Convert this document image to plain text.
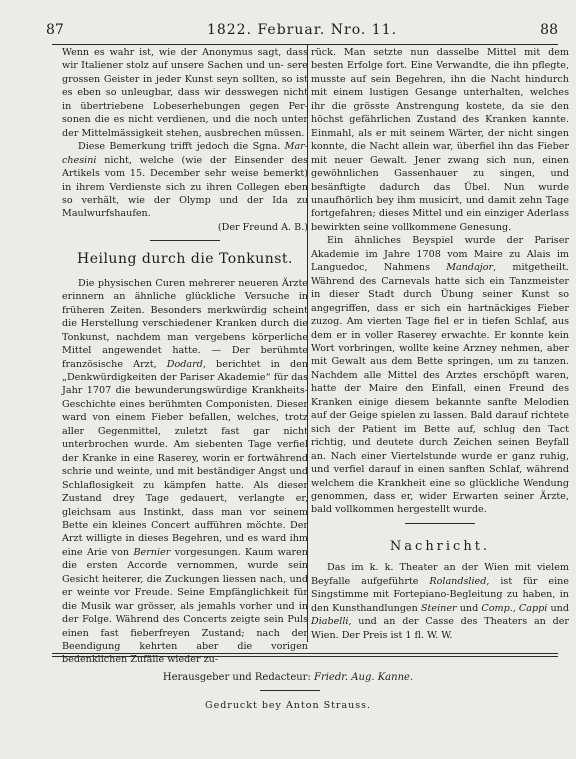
87	1822. Februar. Nro. 11.	88

Wenn es wahr ist, wie der Anonymus sagt, dass wir Italiener stolz auf unsere Sachen und un- sere grossen Geister in jeder Kunst seyn sollten, so ist es eben so unleugbar, dass wir desswegen nicht in übertriebene Lobeserhebungen gegen Per- sonen die es nicht verdienen, und die noch unter der Mittelmässigkeit stehen, ausbrechen müssen.

Diese Bemerkung trifft jedoch die Sgna. Mar-chesini nicht, welche (wie der Einsender des Artikels vom 15. December sehr weise bemerkt) in ihrem Verdienste sich zu ihren Collegen eben so verhält, wie der Olymp und der Ida zu Maulwurfshaufen.

(Der Freund A. B.)

Heilung durch die Tonkunst.

Die physischen Curen mehrerer neueren Ärzte erinnern an ähnliche glückliche Versuche in früheren Zeiten. Besonders merkwürdig scheint die Herstellung verschiedener Kranken durch die Tonkunst, nachdem man vergebens körperliche Mittel angewendet hatte. — Der berühmte französische Arzt, Dodard, berichtet in den „Denkwürdigkeiten der Pariser Akademie“ für das Jahr 1707 die bewunderungswürdige Krankheits-Geschichte eines berühmten Componisten. Dieser ward von einem Fieber befallen, welches, trotz aller Gegenmittel, zuletzt fast gar nicht unterbrochen wurde. Am siebenten Tage verfiel der Kranke in eine Raserey, worin er fortwährend schrie und weinte, und mit beständiger Angst und Schlaflosigkeit zu kämpfen hatte. Als dieser Zustand drey Tage gedauert, verlangte er, gleichsam aus Instinkt, dass man vor seinem Bette ein kleines Concert aufführen möchte. Der Arzt willigte in dieses Begehren, und es ward ihm eine Arie von Bernier vorgesungen. Kaum waren die ersten Accorde vernommen, wurde sein Gesicht heiterer, die Zuckungen liessen nach, und er weinte vor Freude. Seine Empfänglichkeit für die Musik war grösser, als jemahls vorher und in der Folge. Während des Concerts zeigte sein Puls einen fast fieberfreyen Zustand; nach der Beendigung kehrten aber die vorigen bedenklichen Zufälle wieder zu-

rück. Man setzte nun dasselbe Mittel mit dem besten Erfolge fort. Eine Verwandte, die ihn pflegte, musste auf sein Begehren, ihn die Nacht hindurch mit einem lustigen Gesange unterhalten, welches ihr die grösste Anstrengung kostete, da sie den höchst gefährlichen Zustand des Kranken kannte. Einmahl, als er mit seinem Wärter, der nicht singen konnte, die Nacht allein war, überfiel ihn das Fieber mit neuer Gewalt. Jener zwang sich nun, einen gewöhnlichen Gassenhauer zu singen, und besänftigte dadurch das Übel. Nun wurde unaufhörlich bey ihm musicirt, und damit zehn Tage fortgefahren; dieses Mittel und ein einziger Aderlass bewirkten seine vollkommene Genesung.

Ein ähnliches Beyspiel wurde der Pariser Akademie im Jahre 1708 vom Maire zu Alais im Languedoc, Nahmens Mandajor, mitgetheilt. Während des Carnevals hatte sich ein Tanzmeister in dieser Stadt durch Übung seiner Kunst so angegriffen, dass er sich ein hartnäckiges Fieber zuzog. Am vierten Tage fiel er in tiefen Schlaf, aus dem er in voller Raserey erwachte. Er konnte kein Wort vorbringen, wollte keine Arzney nehmen, aber mit Gewalt aus dem Bette springen, um zu tanzen. Nachdem alle Mittel des Arztes erschöpft waren, hatte der Maire den Einfall, einen Freund des Kranken einige diesem bekannte sanfte Melodien auf der Geige spielen zu lassen. Bald darauf richtete sich der Patient im Bette auf, schlug den Tact richtig, und deutete durch Zeichen seinen Beyfall an. Nach einer Viertelstunde wurde er ganz ruhig, und verfiel darauf in einen sanften Schlaf, während welchem die Krankheit eine so glückliche Wendung genommen, dass er, wider Erwarten seiner Ärzte, bald vollkommen hergestellt wurde.

Nachricht.

Das im k. k. Theater an der Wien mit vielem Beyfalle aufgeführte Rolandslied, ist für eine Singstimme mit Fortepiano-Begleitung zu haben, in den Kunsthandlungen Steiner und Comp., Cappi und Diabelli, und an der Casse des Theaters an der Wien. Der Preis ist 1 fl. W. W.

Herausgeber und Redacteur: Friedr. Aug. Kanne.
Gedruckt bey Anton Strauss.
